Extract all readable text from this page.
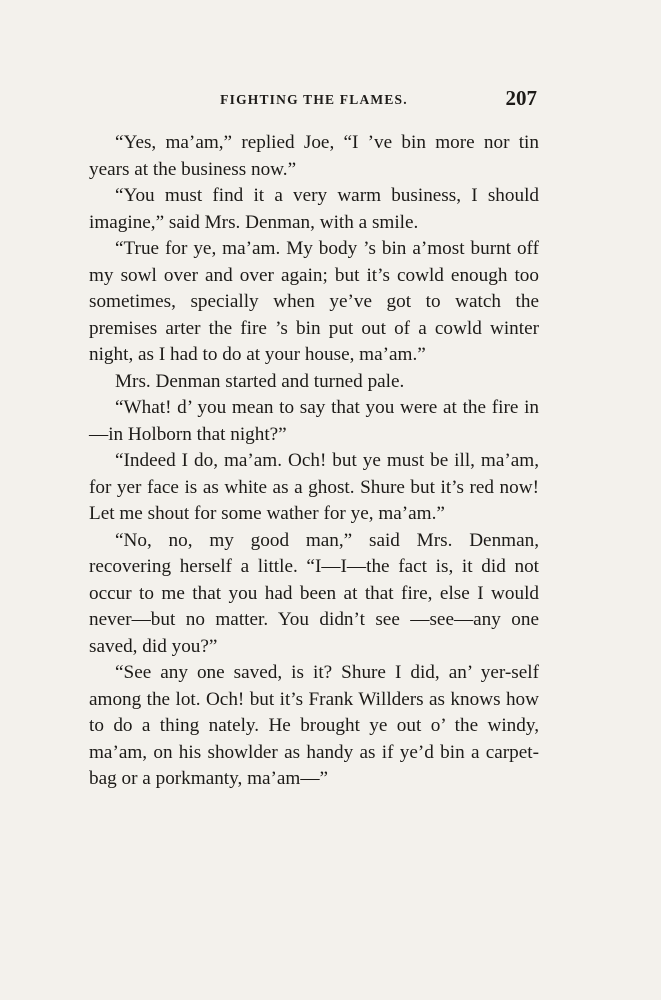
FIGHTING THE FLAMES.	207

“Yes, ma’am,” replied Joe, “I ’ve bin more nor tin years at the business now.”

“You must find it a very warm business, I should imagine,” said Mrs. Denman, with a smile.

“True for ye, ma’am. My body ’s bin a’most burnt off my sowl over and over again; but it’s cowld enough too sometimes, specially when ye’ve got to watch the premises arter the fire ’s bin put out of a cowld winter night, as I had to do at your house, ma’am.”

Mrs. Denman started and turned pale.

“What! d’ you mean to say that you were at the fire in—in Holborn that night?”

“Indeed I do, ma’am. Och! but ye must be ill, ma’am, for yer face is as white as a ghost. Shure but it’s red now! Let me shout for some wather for ye, ma’am.”

“No, no, my good man,” said Mrs. Denman, recovering herself a little. “I—I—the fact is, it did not occur to me that you had been at that fire, else I would never—but no matter. You didn’t see —see—any one saved, did you?”

“See any one saved, is it? Shure I did, an’ yer-self among the lot. Och! but it’s Frank Willders as knows how to do a thing nately. He brought ye out o’ the windy, ma’am, on his showlder as handy as if ye’d bin a carpet-bag or a porkmanty, ma’am—”
